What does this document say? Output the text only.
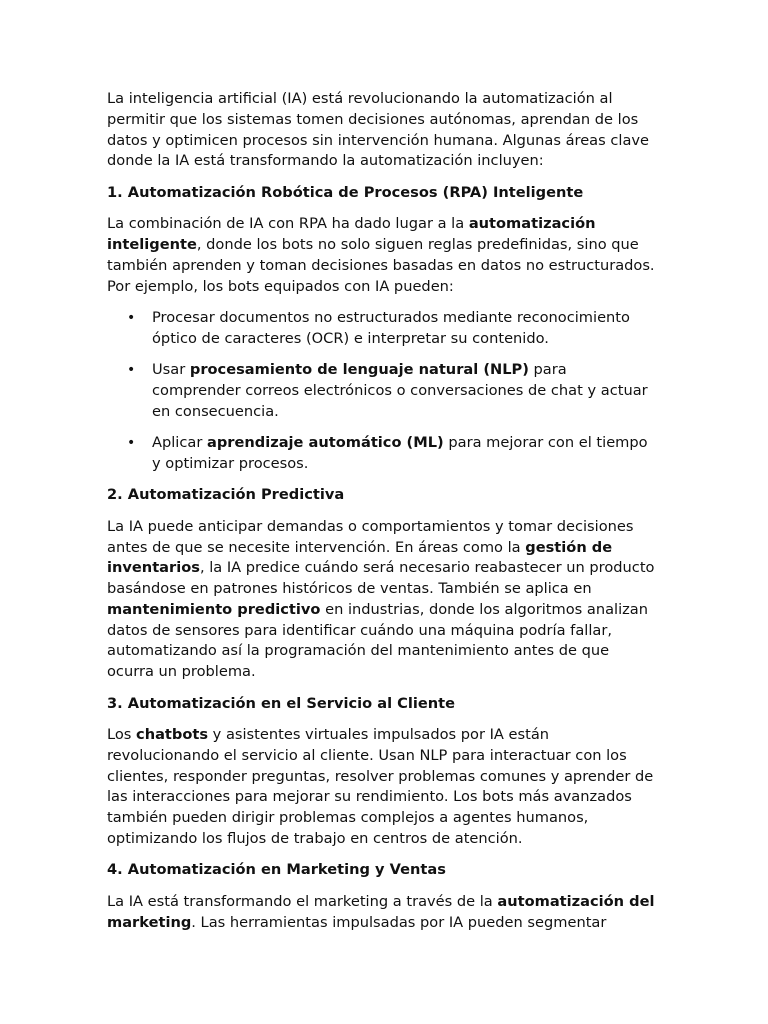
La inteligencia artificial (IA) está revolucionando la automatización al permitir que los sistemas tomen decisiones autónomas, aprendan de los datos y optimicen procesos sin intervención humana. Algunas áreas clave donde la IA está transformando la automatización incluyen:

1. Automatización Robótica de Procesos (RPA) Inteligente

La combinación de IA con RPA ha dado lugar a la automatización inteligente, donde los bots no solo siguen reglas predefinidas, sino que también aprenden y toman decisiones basadas en datos no estructurados. Por ejemplo, los bots equipados con IA pueden:

• Procesar documentos no estructurados mediante reconocimiento óptico de caracteres (OCR) e interpretar su contenido.
• Usar procesamiento de lenguaje natural (NLP) para comprender correos electrónicos o conversaciones de chat y actuar en consecuencia.
• Aplicar aprendizaje automático (ML) para mejorar con el tiempo y optimizar procesos.
2. Automatización Predictiva

La IA puede anticipar demandas o comportamientos y tomar decisiones antes de que se necesite intervención. En áreas como la gestión de inventarios, la IA predice cuándo será necesario reabastecer un producto basándose en patrones históricos de ventas. También se aplica en mantenimiento predictivo en industrias, donde los algoritmos analizan datos de sensores para identificar cuándo una máquina podría fallar, automatizando así la programación del mantenimiento antes de que ocurra un problema.

3. Automatización en el Servicio al Cliente

Los chatbots y asistentes virtuales impulsados por IA están revolucionando el servicio al cliente. Usan NLP para interactuar con los clientes, responder preguntas, resolver problemas comunes y aprender de las interacciones para mejorar su rendimiento. Los bots más avanzados también pueden dirigir problemas complejos a agentes humanos, optimizando los flujos de trabajo en centros de atención.

4. Automatización en Marketing y Ventas

La IA está transformando el marketing a través de la automatización del marketing. Las herramientas impulsadas por IA pueden segmentar
